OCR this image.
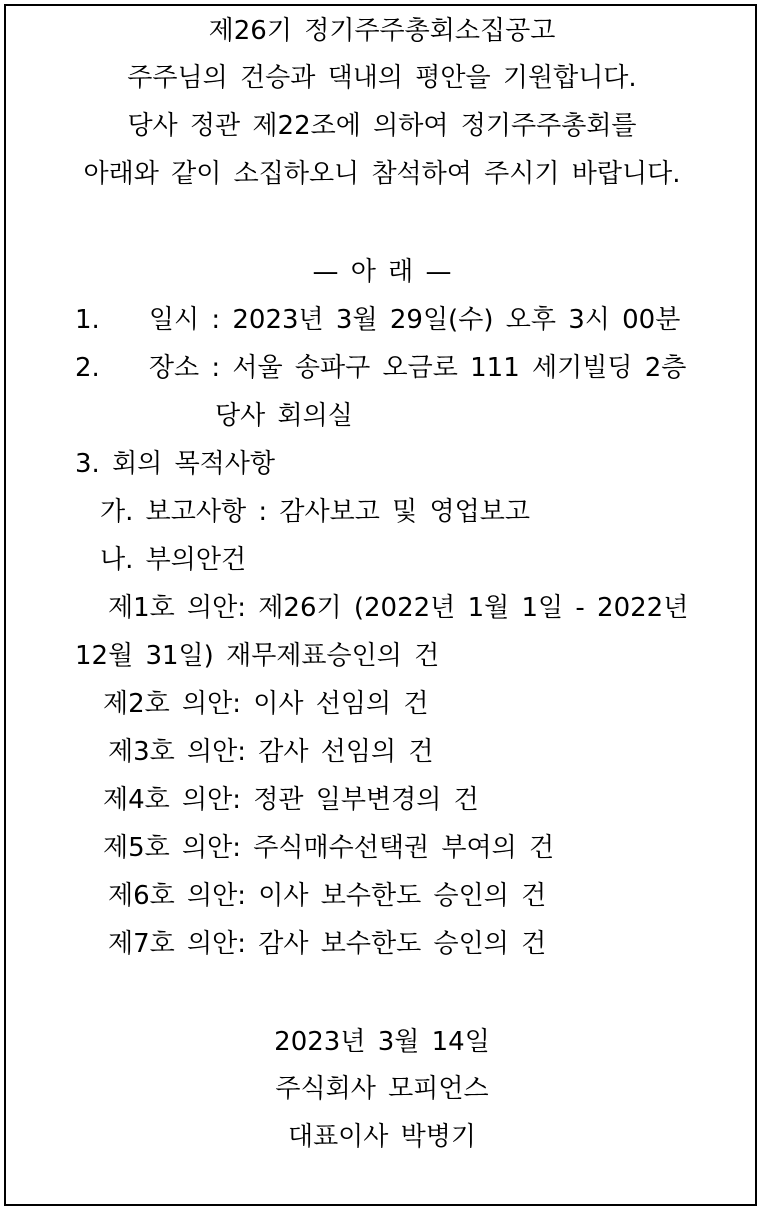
제26기 정기주주총회소집공고
주주님의 건승과 댁내의 평안을 기원합니다.
당사 정관 제22조에 의하여 정기주주총회를
아래와 같이 소집하오니 참석하여 주시기 바랍니다.
— 아 래 —
1.    일시 : 2023년 3월 29일(수) 오후 3시 00분
2.    장소 : 서울 송파구 오금로 111 세기빌딩 2층
당사 회의실
3. 회의 목적사항
가. 보고사항 : 감사보고 및 영업보고
나. 부의안건
제1호 의안: 제26기 (2022년 1월 1일 - 2022년
12월 31일) 재무제표승인의 건
제2호 의안: 이사 선임의 건
제3호 의안: 감사 선임의 건
제4호 의안: 정관 일부변경의 건
제5호 의안: 주식매수선택권 부여의 건
제6호 의안: 이사 보수한도 승인의 건
제7호 의안: 감사 보수한도 승인의 건
2023년 3월 14일
주식회사 모피언스
대표이사 박병기
